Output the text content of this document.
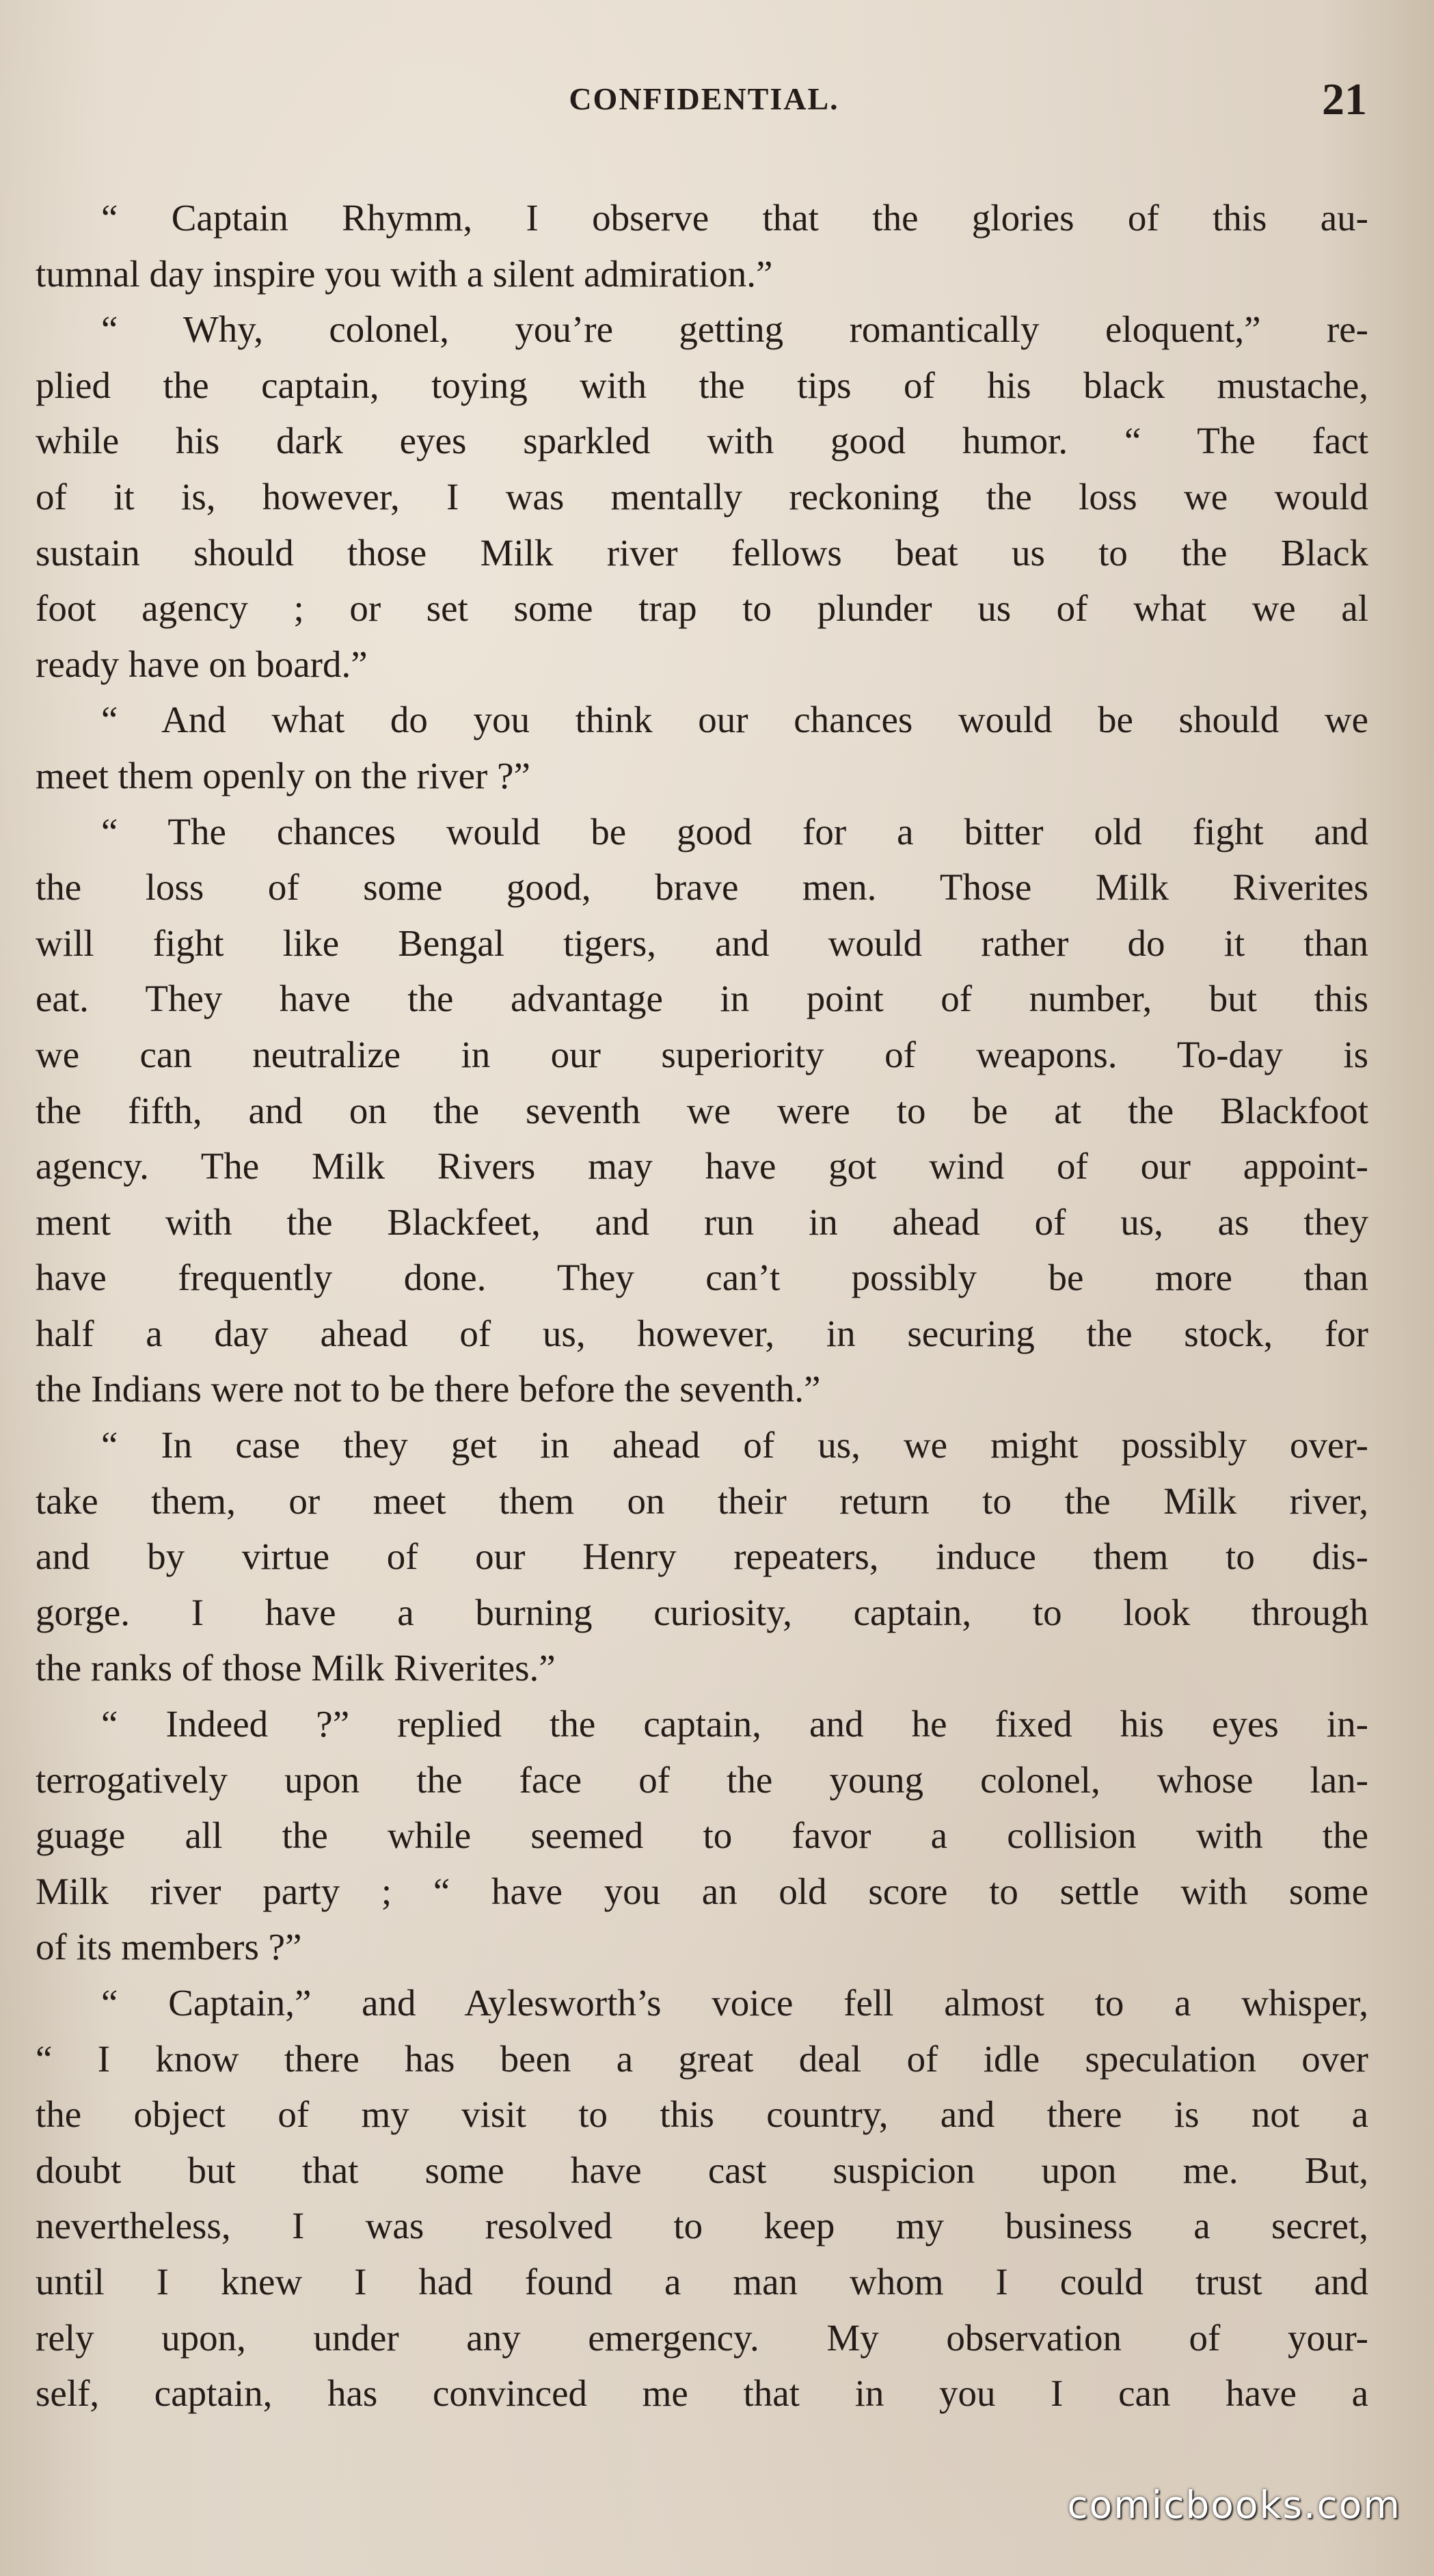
CONFIDENTIAL.	21
“ Captain Rhymm, I observe that the glories of this au-
tumnal day inspire you with a silent admiration.”
“ Why, colonel, you’re getting romantically eloquent,” re-
plied the captain, toying with the tips of his black mustache,
while his dark eyes sparkled with good humor. “ The fact
of it is, however, I was mentally reckoning the loss we would
sustain should those Milk river fellows beat us to the Black
foot agency ; or set some trap to plunder us of what we al
ready have on board.”
“ And what do you think our chances would be should we
meet them openly on the river ?”
“ The chances would be good for a bitter old fight and
the loss of some good, brave men. Those Milk Riverites
will fight like Bengal tigers, and would rather do it than
eat. They have the advantage in point of number, but this
we can neutralize in our superiority of weapons. To-day is
the fifth, and on the seventh we were to be at the Blackfoot
agency. The Milk Rivers may have got wind of our appoint-
ment with the Blackfeet, and run in ahead of us, as they
have frequently done. They can’t possibly be more than
half a day ahead of us, however, in securing the stock, for
the Indians were not to be there before the seventh.”
“ In case they get in ahead of us, we might possibly over-
take them, or meet them on their return to the Milk river,
and by virtue of our Henry repeaters, induce them to dis-
gorge. I have a burning curiosity, captain, to look through
the ranks of those Milk Riverites.”
“ Indeed ?” replied the captain, and he fixed his eyes in-
terrogatively upon the face of the young colonel, whose lan-
guage all the while seemed to favor a collision with the
Milk river party ; “ have you an old score to settle with some
of its members ?”
“ Captain,” and Aylesworth’s voice fell almost to a whisper,
“ I know there has been a great deal of idle speculation over
the object of my visit to this country, and there is not a
doubt but that some have cast suspicion upon me. But,
nevertheless, I was resolved to keep my business a secret,
until I knew I had found a man whom I could trust and
rely upon, under any emergency. My observation of your-
self, captain, has convinced me that in you I can have a
comicbooks.com
